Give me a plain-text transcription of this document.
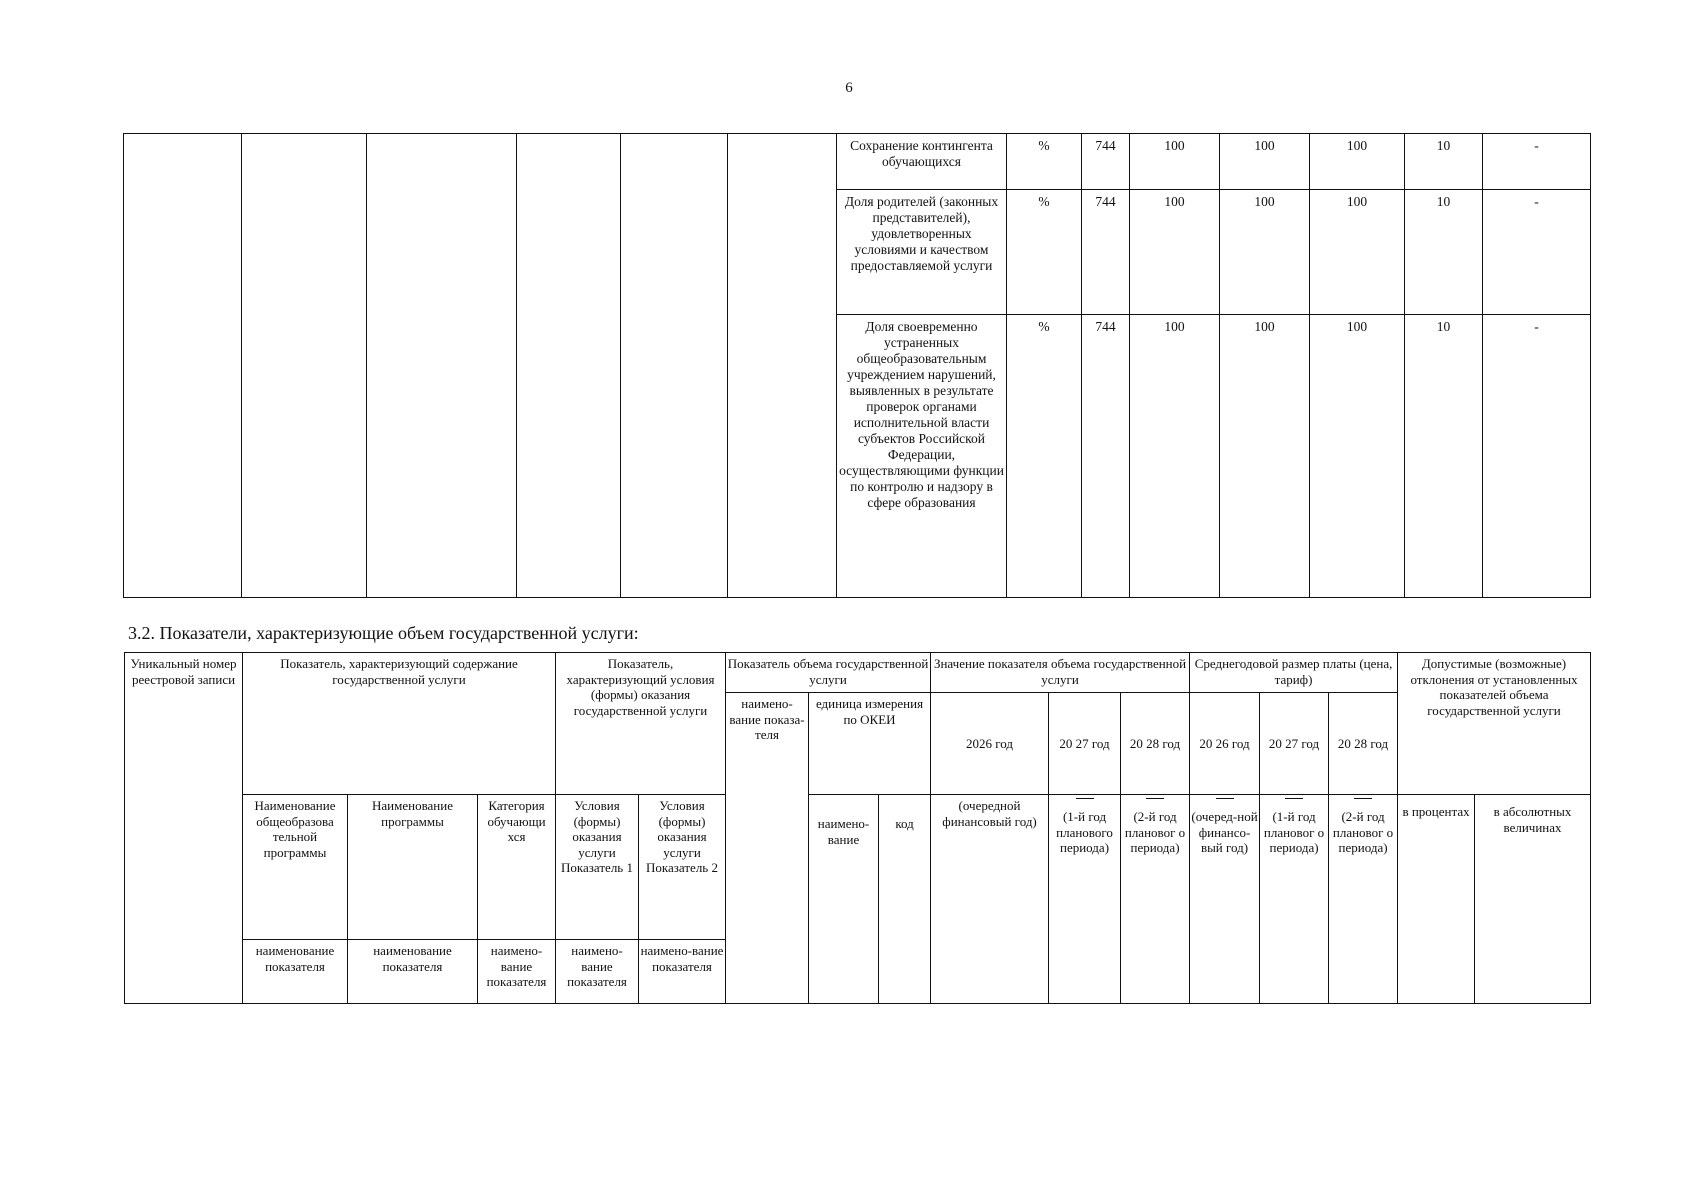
6
						Сохранение контингента обучающихся	%	744	100	100	100	10	-
						Доля родителей (законных представителей), удовлетворенных условиями и качеством предоставляемой услуги	%	744	100	100	100	10	-
						Доля своевременно устраненных общеобразовательным учреждением нарушений, выявленных в результате проверок органами исполнительной власти субъектов Российской Федерации, осуществляющими функции по контролю и надзору в сфере образования	%	744	100	100	100	10	-
3.2. Показатели, характеризующие объем государственной услуги:
Уникальный номер реестровой записи	Показатель, характеризующий содержание государственной услуги			Показатель, характеризующий условия (формы) оказания государственной услуги		Показатель объема государственной услуги			Значение показателя объема государственной услуги			Среднегодовой размер платы (цена, тариф)			Допустимые (возможные) отклонения от установленных показателей объема государственной услуги	
						наимено-вание показа-теля	единица измерения по ОКЕИ		2026 год	20 27 год	20 28 год	20 26 год	20 27 год	20 28 год		
	Наименование общеобразова тельной программы	Наименование программы	Категория обучающи хся	Условия (формы) оказания услуги Показатель 1	Условия (формы) оказания услуги Показатель 2		наимено-вание	код	(очередной финансовый год)	(1-й год планового периода)	(2-й год плановог о периода)	(очеред-ной финансо-вый год)	(1-й год плановог о периода)	(2-й год плановог о периода)	в процентах	в абсолютных величинах

	наименование показателя	наименование показателя	наимено-вание показателя	наимено-вание показателя	наимено-вание показателя											
